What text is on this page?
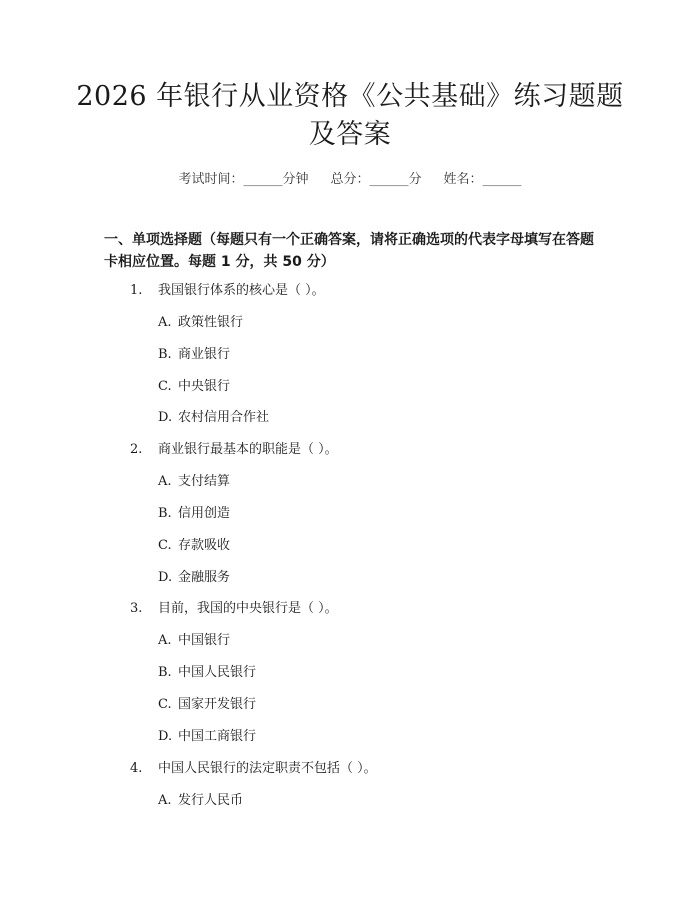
2026 年银行从业资格《公共基础》练习题题及答案
考试时间：______分钟 总分：______分 姓名：______
一、单项选择题（每题只有一个正确答案，请将正确选项的代表字母填写在答题卡相应位置。每题 1 分，共 50 分）
1. 我国银行体系的核心是（ ）。
A. 政策性银行
B. 商业银行
C. 中央银行
D. 农村信用合作社
2. 商业银行最基本的职能是（ ）。
A. 支付结算
B. 信用创造
C. 存款吸收
D. 金融服务
3. 目前，我国的中央银行是（ ）。
A. 中国银行
B. 中国人民银行
C. 国家开发银行
D. 中国工商银行
4. 中国人民银行的法定职责不包括（ ）。
A. 发行人民币
